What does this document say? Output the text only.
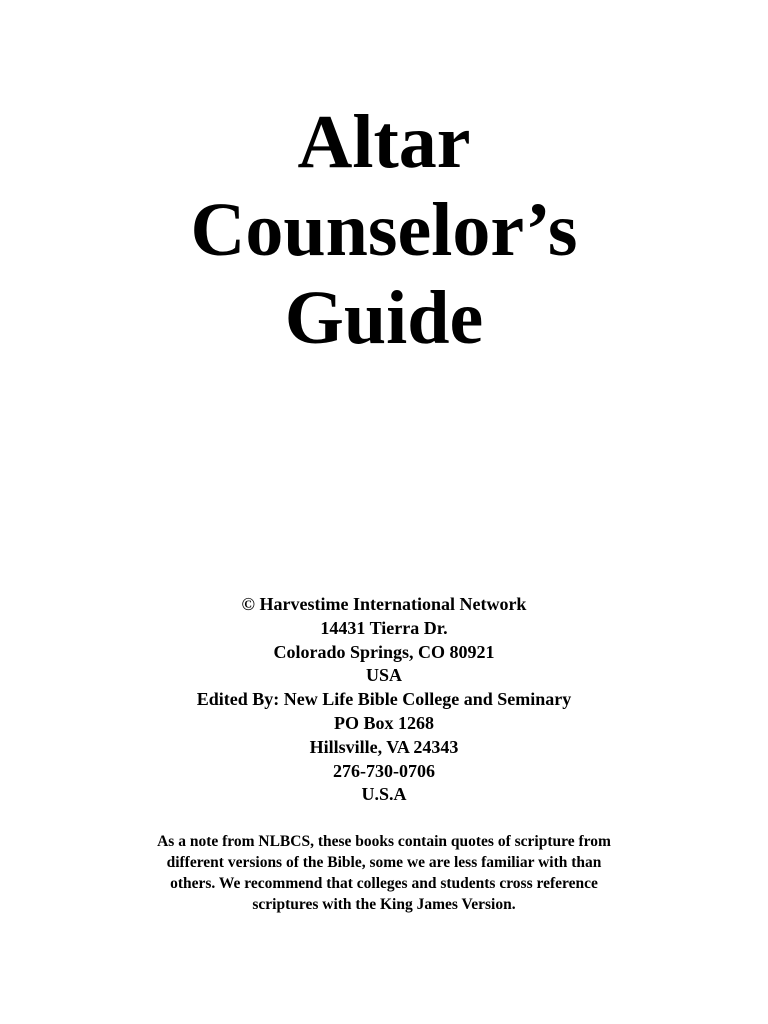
Altar
Counselor’s
Guide
© Harvestime International Network
14431 Tierra Dr.
Colorado Springs, CO 80921
USA
Edited By: New Life Bible College and Seminary
PO Box 1268
Hillsville, VA 24343
276-730-0706
U.S.A
As a note from NLBCS, these books contain quotes of scripture from
different versions of the Bible, some we are less familiar with than
others. We recommend that colleges and students cross reference
scriptures with the King James Version.
